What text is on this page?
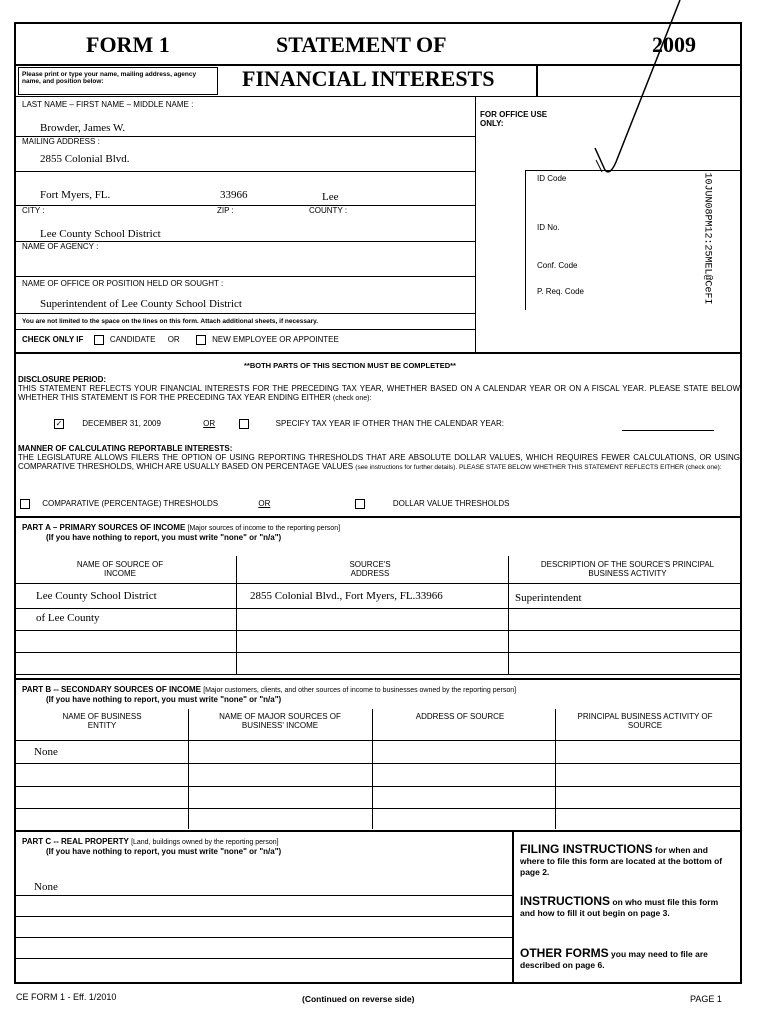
FORM 1	STATEMENT OF	2009
Please print or type your name, mailing address, agency name, and position below:	FINANCIAL INTERESTS
LAST NAME – FIRST NAME – MIDDLE NAME :
Browder, James W.
MAILING ADDRESS :
2855 Colonial Blvd.
Fort Myers, FL.	33966	Lee
CITY :	ZIP :	COUNTY :
Lee County School District
NAME OF AGENCY :
NAME OF OFFICE OR POSITION HELD OR SOUGHT :
Superintendent of Lee County School District
You are not limited to the space on the lines on this form. Attach additional sheets, if necessary.
CHECK ONLY IF	CANDIDATE OR	NEW EMPLOYEE OR APPOINTEE
FOR OFFICE USE ONLY:
ID Code
ID No.
Conf. Code
P. Req. Code	10JUN08PM12:25MEL@CeFI
**BOTH PARTS OF THIS SECTION MUST BE COMPLETED**
DISCLOSURE PERIOD:
THIS STATEMENT REFLECTS YOUR FINANCIAL INTERESTS FOR THE PRECEDING TAX YEAR, WHETHER BASED ON A CALENDAR YEAR OR ON A FISCAL YEAR. PLEASE STATE BELOW WHETHER THIS STATEMENT IS FOR THE PRECEDING TAX YEAR ENDING EITHER (check one):
✓ DECEMBER 31, 2009	OR	SPECIFY TAX YEAR IF OTHER THAN THE CALENDAR YEAR:
MANNER OF CALCULATING REPORTABLE INTERESTS:
THE LEGISLATURE ALLOWS FILERS THE OPTION OF USING REPORTING THRESHOLDS THAT ARE ABSOLUTE DOLLAR VALUES, WHICH REQUIRES FEWER CALCULATIONS, OR USING COMPARATIVE THRESHOLDS, WHICH ARE USUALLY BASED ON PERCENTAGE VALUES (see instructions for further details). PLEASE STATE BELOW WHETHER THIS STATEMENT REFLECTS EITHER (check one):
COMPARATIVE (PERCENTAGE) THRESHOLDS	OR	DOLLAR VALUE THRESHOLDS
PART A – PRIMARY SOURCES OF INCOME [Major sources of income to the reporting person]
(If you have nothing to report, you must write "none" or "n/a")
NAME OF SOURCE OF INCOME
SOURCE'S ADDRESS
DESCRIPTION OF THE SOURCE'S PRINCIPAL BUSINESS ACTIVITY
Lee County School District	2855 Colonial Blvd., Fort Myers, FL.33966	Superintendent
of Lee County
PART B -- SECONDARY SOURCES OF INCOME [Major customers, clients, and other sources of income to businesses owned by the reporting person]
(If you have nothing to report, you must write "none" or "n/a")
NAME OF BUSINESS ENTITY
NAME OF MAJOR SOURCES OF BUSINESS' INCOME
ADDRESS OF SOURCE	PRINCIPAL BUSINESS ACTIVITY OF SOURCE
None
PART C -- REAL PROPERTY [Land, buildings owned by the reporting person]
(If you have nothing to report, you must write "none" or "n/a")
None
FILING INSTRUCTIONS for when and where to file this form are located at the bottom of page 2.
INSTRUCTIONS on who must file this form and how to fill it out begin on page 3.
OTHER FORMS you may need to file are described on page 6.
CE FORM 1 - Eff. 1/2010	(Continued on reverse side)	PAGE 1
